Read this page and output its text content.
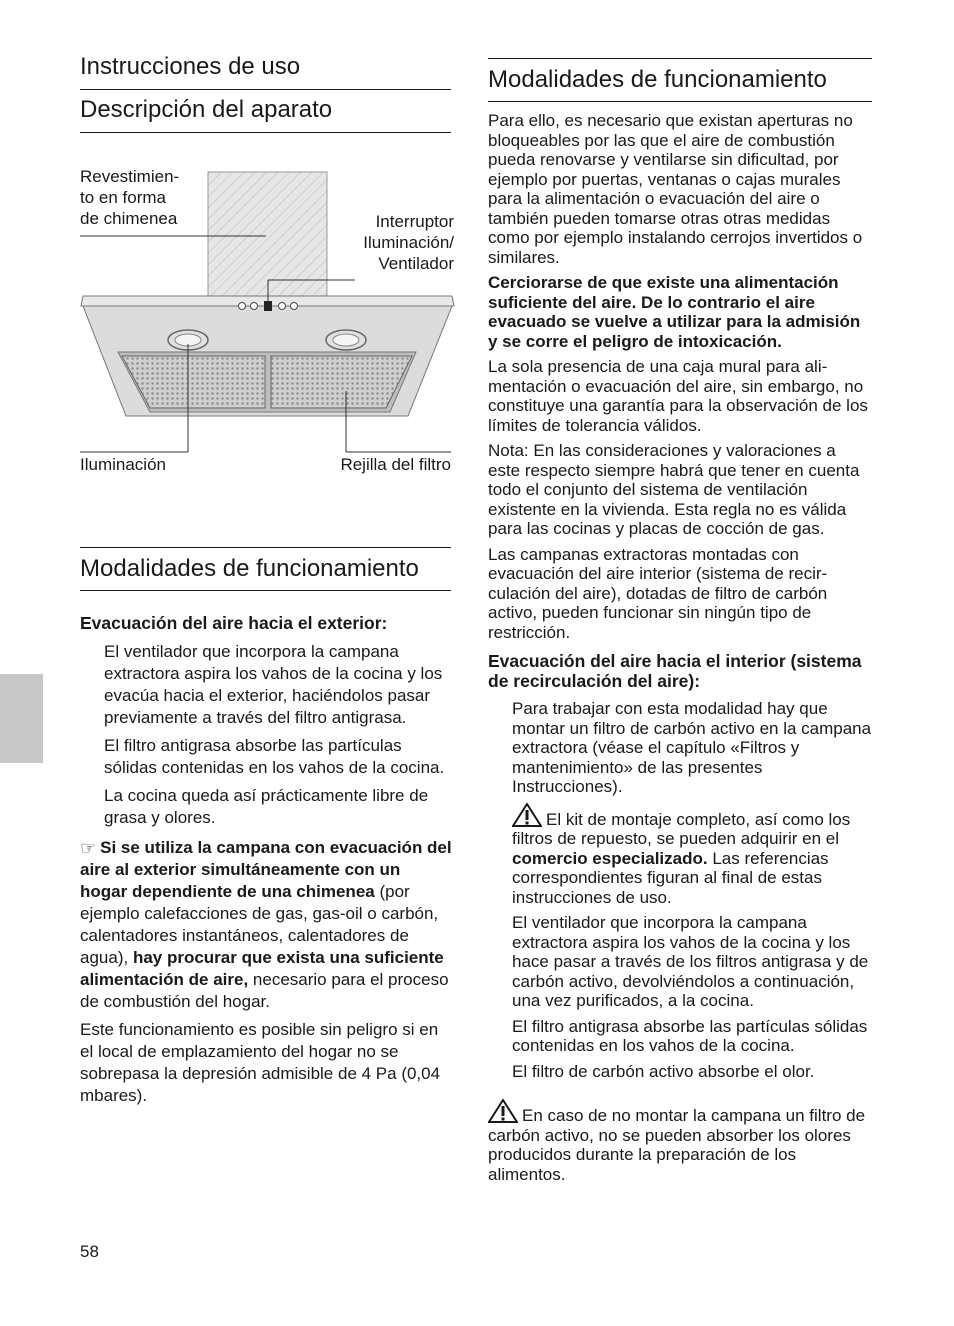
Instrucciones de uso
Descripción del aparato
Revestimien-
to en forma
de chimenea	Interruptor
Iluminación/
Ventilador
Iluminación	Rejilla del filtro
Modalidades de funcionamiento
Evacuación del aire hacia el exterior:

El ventilador que incorpora la campana extractora aspira los vahos de la cocina y los evacúa hacia el exterior, haciéndolos pasar previamente a través del filtro antigrasa.

El filtro antigrasa absorbe las partículas sólidas contenidas en los vahos de la cocina.

La cocina queda así prácticamente libre de grasa y olores.

☞ Si se utiliza la campana con evacuación del aire al exterior simultáneamente con un hogar dependiente de una chimenea (por ejemplo calefacciones de gas, gas-oil o carbón, calentadores instantáneos, calentadores de agua), hay procurar que exista una suficiente alimentación de aire, necesario para el proceso de combustión del hogar.

Este funcionamiento es posible sin peligro si en el local de emplazamiento del hogar no se sobrepasa la depresión admisible de 4 Pa (0,04 mbares).

58
Modalidades de funcionamiento

Para ello, es necesario que existan aperturas no bloqueables por las que el aire de combustión pueda renovarse y ventilarse sin dificultad, por ejemplo por puertas, ventanas o cajas murales para la alimentación o evacuación del aire o también pueden tomarse otras otras medidas como por ejemplo instalando cerrojos invertidos o similares.

Cerciorarse de que existe una alimentación suficiente del aire. De lo contrario el aire evacuado se vuelve a utilizar para la admisión y se corre el peligro de intoxicación.

La sola presencia de una caja mural para alimentación o evacuación del aire, sin embargo, no constituye una garantía para la observación de los límites de tolerancia válidos.

Nota: En las consideraciones y valoraciones a este respecto siempre habrá que tener en cuenta todo el conjunto del sistema de ventilación existente en la vivienda. Esta regla no es válida para las cocinas y placas de cocción de gas.

Las campanas extractoras montadas con evacuación del aire interior (sistema de recirculación del aire), dotadas de filtro de carbón activo, pueden funcionar sin ningún tipo de restricción.

Evacuación del aire hacia el interior (sistema de recirculación del aire):

Para trabajar con esta modalidad hay que montar un filtro de carbón activo en la campana extractora (véase el capítulo «Filtros y mantenimiento» de las presentes Instrucciones).

El kit de montaje completo, así como los filtros de repuesto, se pueden adquirir en el comercio especializado. Las referencias correspondientes figuran al final de estas instrucciones de uso.

El ventilador que incorpora la campana extractora aspira los vahos de la cocina y los hace pasar a través de los filtros antigrasa y de carbón activo, devolviéndolos a continuación, una vez purificados, a la cocina.

El filtro antigrasa absorbe las partículas sólidas contenidas en los vahos de la cocina.

El filtro de carbón activo absorbe el olor.

En caso de no montar la campana un filtro de carbón activo, no se pueden absorber los olores producidos durante la preparación de los alimentos.
